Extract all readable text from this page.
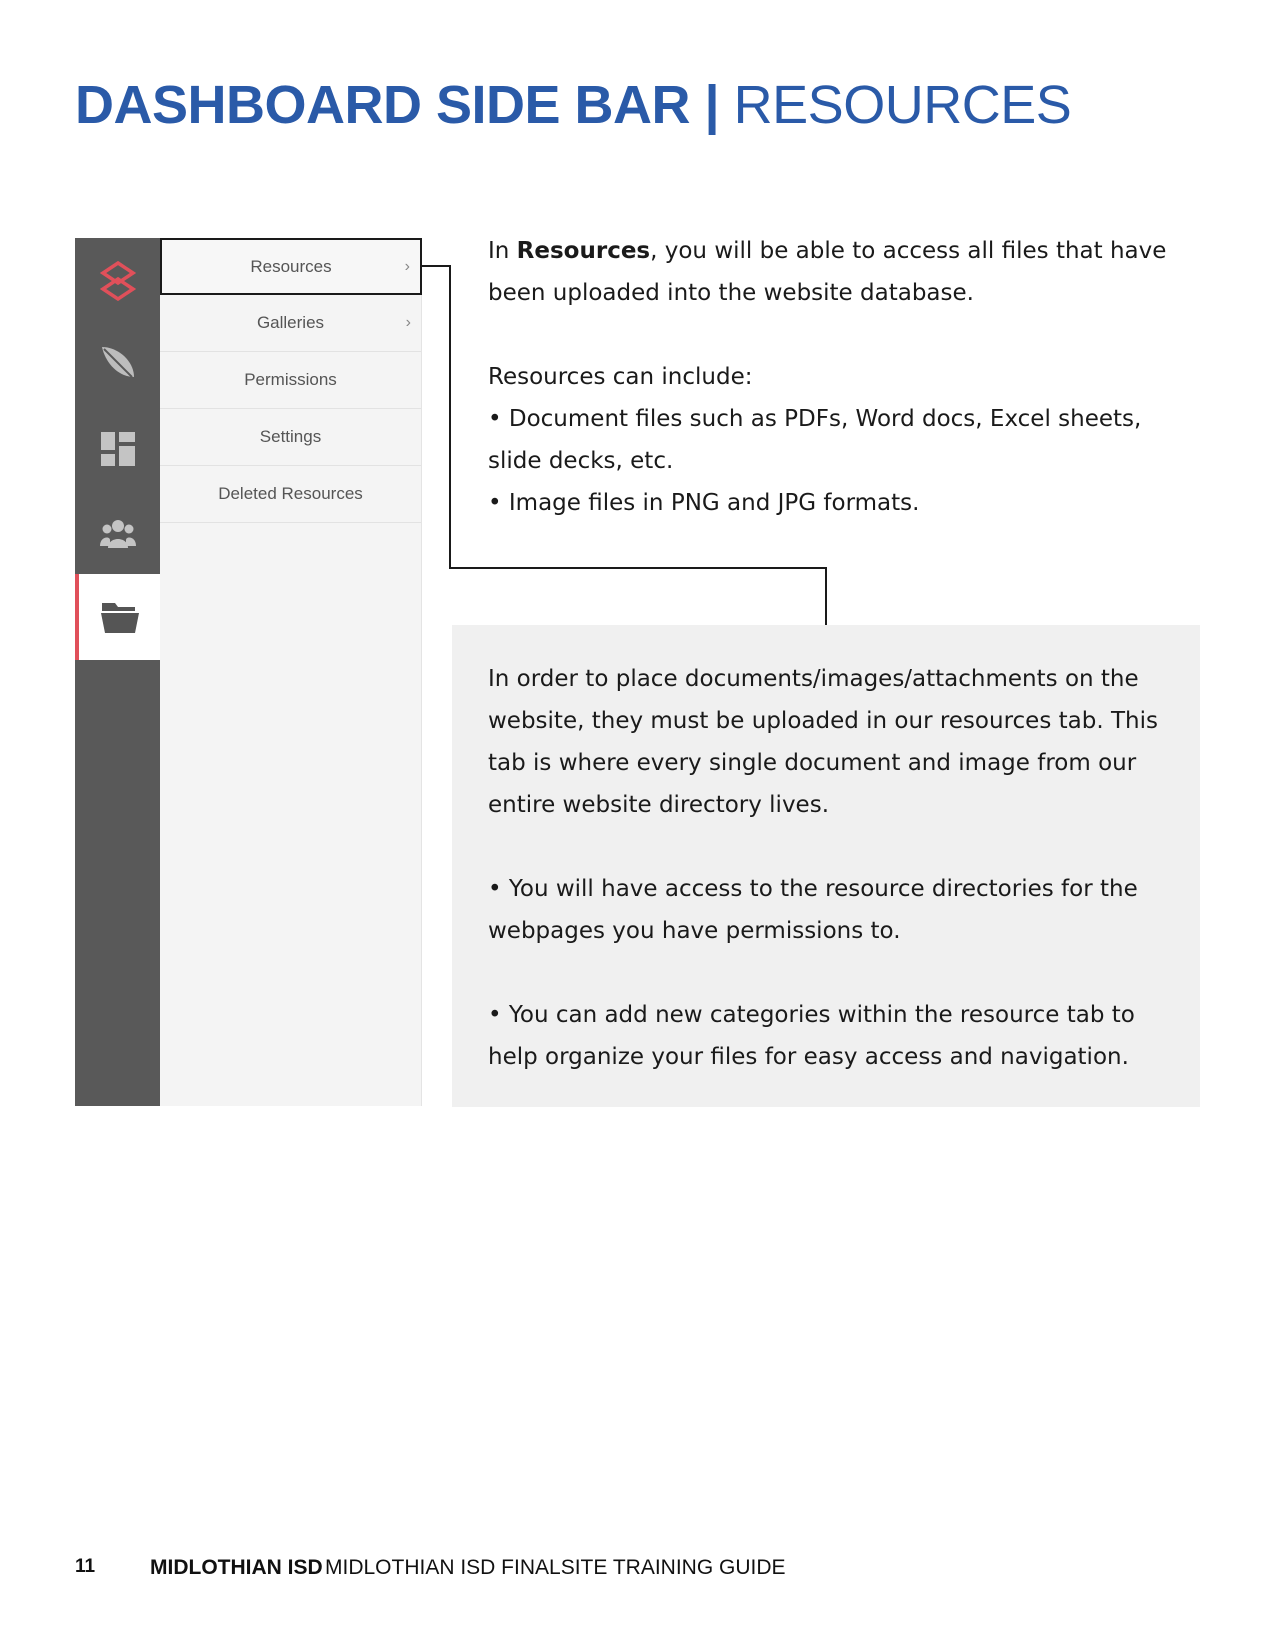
DASHBOARD SIDE BAR | RESOURCES
Resources	›
Galleries	›
Permissions
Settings
Deleted Resources

In Resources, you will be able to access all files that have been uploaded into the website database.

Resources can include:

• Document files such as PDFs, Word docs, Excel sheets, slide decks, etc.

• Image files in PNG and JPG formats.

In order to place documents/images/attachments on the website, they must be uploaded in our resources tab. This tab is where every single document and image from our entire website directory lives.

• You will have access to the resource directories for the webpages you have permissions to.

• You can add new categories within the resource tab to help organize your files for easy access and navigation.

11	MIDLOTHIAN ISD MIDLOTHIAN ISD FINALSITE TRAINING GUIDE
